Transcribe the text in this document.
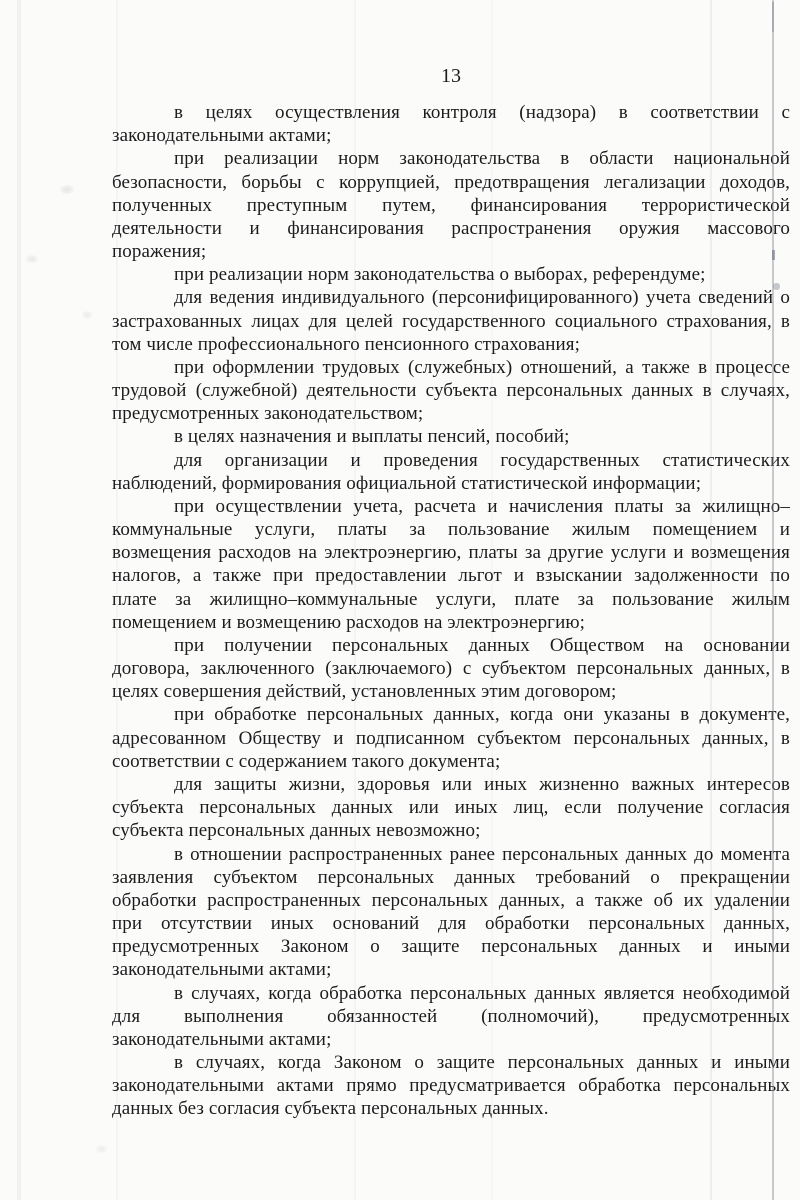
13
в целях осуществления контроля (надзора) в соответствии с
законодательными актами;
при реализации норм законодательства в области национальной
безопасности, борьбы с коррупцией, предотвращения легализации доходов,
полученных преступным путем, финансирования террористической
деятельности и финансирования распространения оружия массового
поражения;
при реализации норм законодательства о выборах, референдуме;
для ведения индивидуального (персонифицированного) учета сведений о
застрахованных лицах для целей государственного социального страхования, в
том числе профессионального пенсионного страхования;
при оформлении трудовых (служебных) отношений, а также в процессе
трудовой (служебной) деятельности субъекта персональных данных в случаях,
предусмотренных законодательством;
в целях назначения и выплаты пенсий, пособий;
для организации и проведения государственных статистических
наблюдений, формирования официальной статистической информации;
при осуществлении учета, расчета и начисления платы за жилищно–
коммунальные услуги, платы за пользование жилым помещением и
возмещения расходов на электроэнергию, платы за другие услуги и возмещения
налогов, а также при предоставлении льгот и взыскании задолженности по
плате за жилищно–коммунальные услуги, плате за пользование жилым
помещением и возмещению расходов на электроэнергию;
при получении персональных данных Обществом на основании
договора, заключенного (заключаемого) с субъектом персональных данных, в
целях совершения действий, установленных этим договором;
при обработке персональных данных, когда они указаны в документе,
адресованном Обществу и подписанном субъектом персональных данных, в
соответствии с содержанием такого документа;
для защиты жизни, здоровья или иных жизненно важных интересов
субъекта персональных данных или иных лиц, если получение согласия
субъекта персональных данных невозможно;
в отношении распространенных ранее персональных данных до момента
заявления субъектом персональных данных требований о прекращении
обработки распространенных персональных данных, а также об их удалении
при отсутствии иных оснований для обработки персональных данных,
предусмотренных Законом о защите персональных данных и иными
законодательными актами;
в случаях, когда обработка персональных данных является необходимой
для выполнения обязанностей (полномочий), предусмотренных
законодательными актами;
в случаях, когда Законом о защите персональных данных и иными
законодательными актами прямо предусматривается обработка персональных
данных без согласия субъекта персональных данных.
